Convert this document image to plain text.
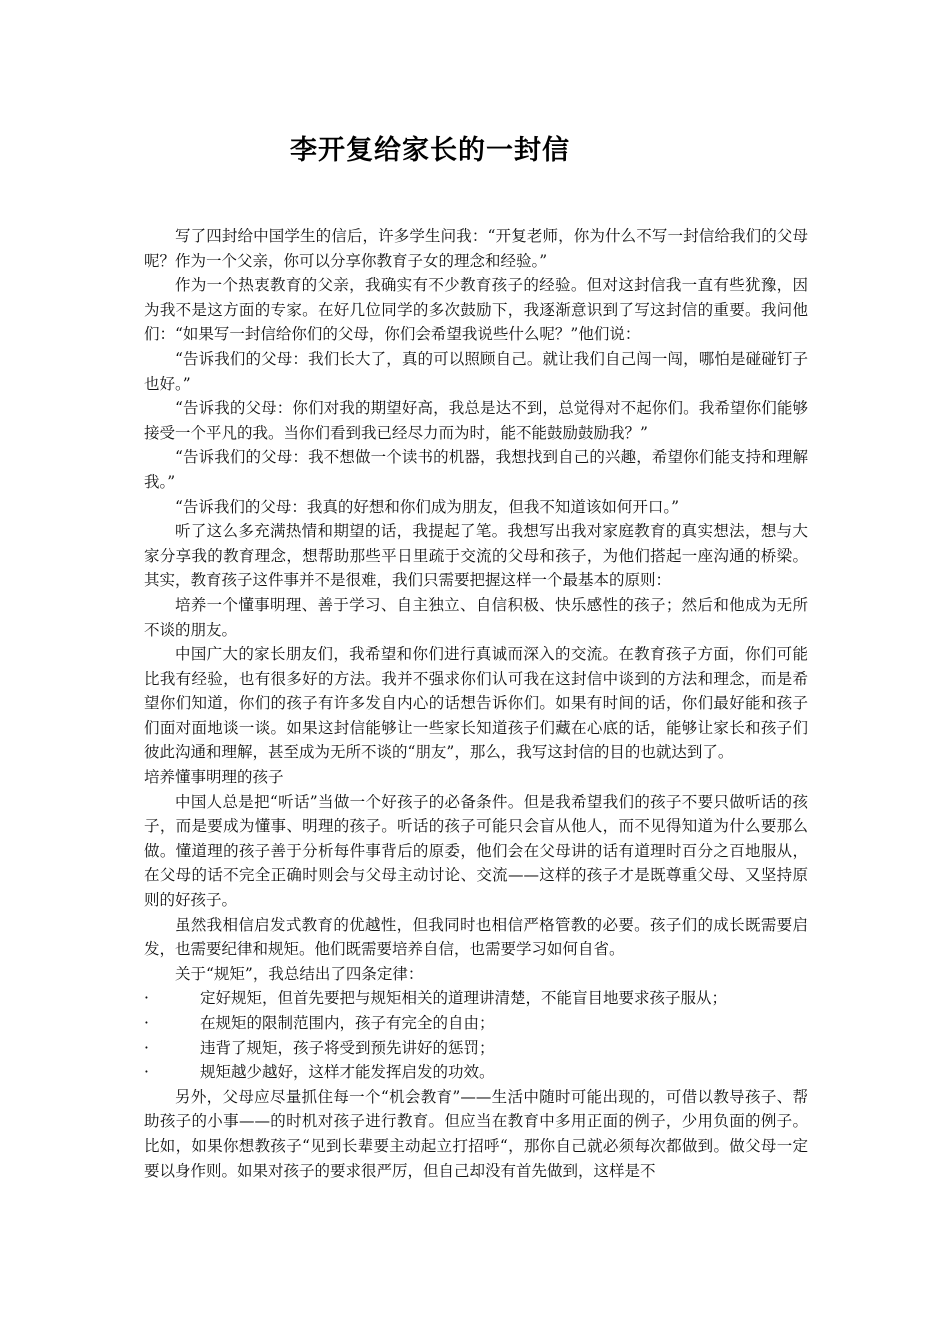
李开复给家长的一封信

写了四封给中国学生的信后，许多学生问我：“开复老师，你为什么不写一封信给我们的父母呢？作为一个父亲，你可以分享你教育子女的理念和经验。”

作为一个热衷教育的父亲，我确实有不少教育孩子的经验。但对这封信我一直有些犹豫，因为我不是这方面的专家。在好几位同学的多次鼓励下，我逐渐意识到了写这封信的重要。我问他们：“如果写一封信给你们的父母，你们会希望我说些什么呢？”他们说：

“告诉我们的父母：我们长大了，真的可以照顾自己。就让我们自己闯一闯，哪怕是碰碰钉子也好。”

“告诉我的父母：你们对我的期望好高，我总是达不到，总觉得对不起你们。我希望你们能够接受一个平凡的我。当你们看到我已经尽力而为时，能不能鼓励鼓励我？”

“告诉我们的父母：我不想做一个读书的机器，我想找到自己的兴趣，希望你们能支持和理解我。”

“告诉我们的父母：我真的好想和你们成为朋友，但我不知道该如何开口。”

听了这么多充满热情和期望的话，我提起了笔。我想写出我对家庭教育的真实想法，想与大家分享我的教育理念，想帮助那些平日里疏于交流的父母和孩子，为他们搭起一座沟通的桥梁。其实，教育孩子这件事并不是很难，我们只需要把握这样一个最基本的原则：

培养一个懂事明理、善于学习、自主独立、自信积极、快乐感性的孩子；然后和他成为无所不谈的朋友。

中国广大的家长朋友们，我希望和你们进行真诚而深入的交流。在教育孩子方面，你们可能比我有经验，也有很多好的方法。我并不强求你们认可我在这封信中谈到的方法和理念，而是希望你们知道，你们的孩子有许多发自内心的话想告诉你们。如果有时间的话，你们最好能和孩子们面对面地谈一谈。如果这封信能够让一些家长知道孩子们藏在心底的话，能够让家长和孩子们彼此沟通和理解，甚至成为无所不谈的“朋友”，那么，我写这封信的目的也就达到了。

培养懂事明理的孩子

中国人总是把“听话”当做一个好孩子的必备条件。但是我希望我们的孩子不要只做听话的孩子，而是要成为懂事、明理的孩子。听话的孩子可能只会盲从他人，而不见得知道为什么要那么做。懂道理的孩子善于分析每件事背后的原委，他们会在父母讲的话有道理时百分之百地服从，在父母的话不完全正确时则会与父母主动讨论、交流——这样的孩子才是既尊重父母、又坚持原则的好孩子。

虽然我相信启发式教育的优越性，但我同时也相信严格管教的必要。孩子们的成长既需要启发，也需要纪律和规矩。他们既需要培养自信，也需要学习如何自省。

关于“规矩”，我总结出了四条定律：

·	定好规矩，但首先要把与规矩相关的道理讲清楚，不能盲目地要求孩子服从；
·	在规矩的限制范围内，孩子有完全的自由；
·	违背了规矩，孩子将受到预先讲好的惩罚；
·	规矩越少越好，这样才能发挥启发的功效。

另外，父母应尽量抓住每一个“机会教育”——生活中随时可能出现的，可借以教导孩子、帮助孩子的小事——的时机对孩子进行教育。但应当在教育中多用正面的例子，少用负面的例子。比如，如果你想教孩子“见到长辈要主动起立打招呼“，那你自己就必须每次都做到。做父母一定要以身作则。如果对孩子的要求很严厉，但自己却没有首先做到，这样是不
